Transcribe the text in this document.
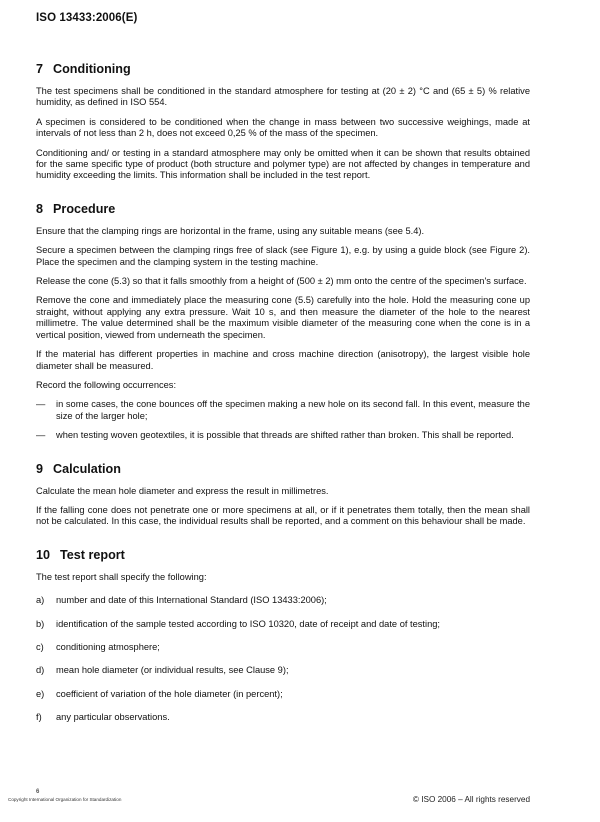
ISO 13433:2006(E)
7 Conditioning

The test specimens shall be conditioned in the standard atmosphere for testing at (20 ± 2) °C and (65 ± 5) % relative humidity, as defined in ISO 554.

A specimen is considered to be conditioned when the change in mass between two successive weighings, made at intervals of not less than 2 h, does not exceed 0,25 % of the mass of the specimen.

Conditioning and/ or testing in a standard atmosphere may only be omitted when it can be shown that results obtained for the same specific type of product (both structure and polymer type) are not affected by changes in temperature and humidity exceeding the limits. This information shall be included in the test report.

8 Procedure

Ensure that the clamping rings are horizontal in the frame, using any suitable means (see 5.4).

Secure a specimen between the clamping rings free of slack (see Figure 1), e.g. by using a guide block (see Figure 2). Place the specimen and the clamping system in the testing machine.

Release the cone (5.3) so that it falls smoothly from a height of (500 ± 2) mm onto the centre of the specimen's surface.

Remove the cone and immediately place the measuring cone (5.5) carefully into the hole. Hold the measuring cone up straight, without applying any extra pressure. Wait 10 s, and then measure the diameter of the hole to the nearest millimetre. The value determined shall be the maximum visible diameter of the measuring cone when the cone is in a vertical position, viewed from underneath the specimen.

If the material has different properties in machine and cross machine direction (anisotropy), the largest visible hole diameter shall be measured.

Record the following occurrences:

—	in some cases, the cone bounces off the specimen making a new hole on its second fall. In this event, measure the size of the larger hole;
—	when testing woven geotextiles, it is possible that threads are shifted rather than broken. This shall be reported.
9 Calculation

Calculate the mean hole diameter and express the result in millimetres.

If the falling cone does not penetrate one or more specimens at all, or if it penetrates them totally, then the mean shall not be calculated. In this case, the individual results shall be reported, and a comment on this behaviour shall be made.

10 Test report

The test report shall specify the following:

a)	number and date of this International Standard (ISO 13433:2006);
b)	identification of the sample tested according to ISO 10320, date of receipt and date of testing;
c)	conditioning atmosphere;
d)	mean hole diameter (or individual results, see Clause 9);
e)	coefficient of variation of the hole diameter (in percent);
f)	any particular observations.
6
Copyright International Organization for Standardization	© ISO 2006 – All rights reserved
